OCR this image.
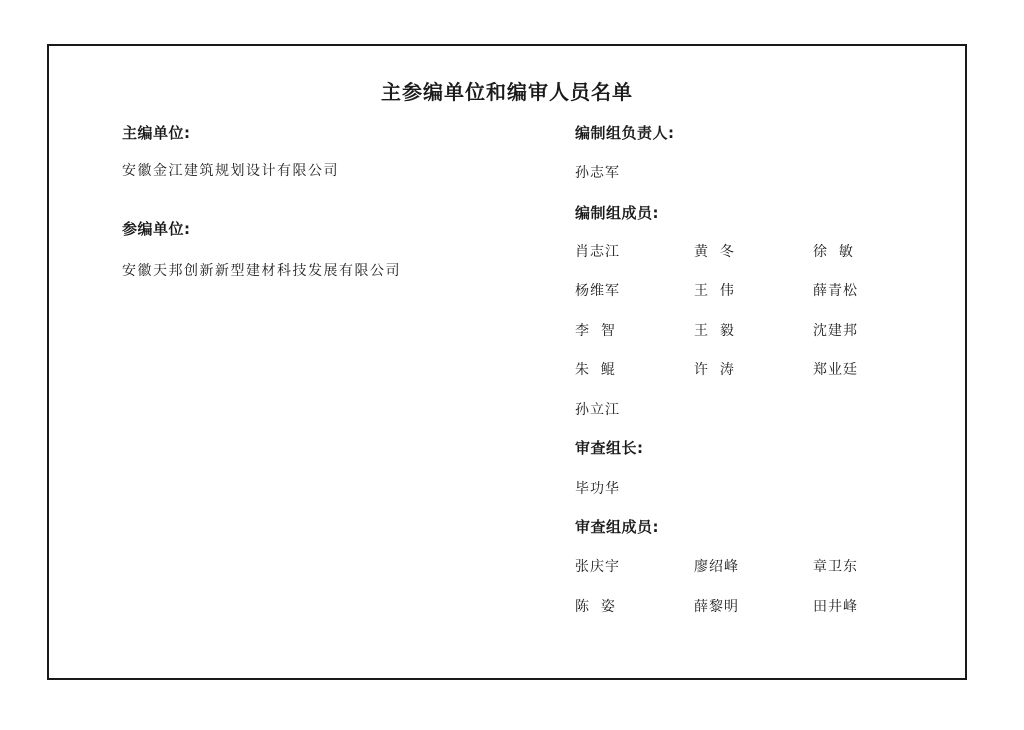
主参编单位和编审人员名单
主编单位:
安徽金江建筑规划设计有限公司
参编单位:
安徽天邦创新新型建材科技发展有限公司
编制组负责人:
孙志军
编制组成员:
肖志江	黄  冬	徐  敏
杨维军	王  伟	薛青松
李  智	王  毅	沈建邦
朱  鲲	许  涛	郑业廷
孙立江
审查组长:
毕功华
审查组成员:
张庆宇	廖绍峰	章卫东
陈  姿	薛黎明	田井峰
